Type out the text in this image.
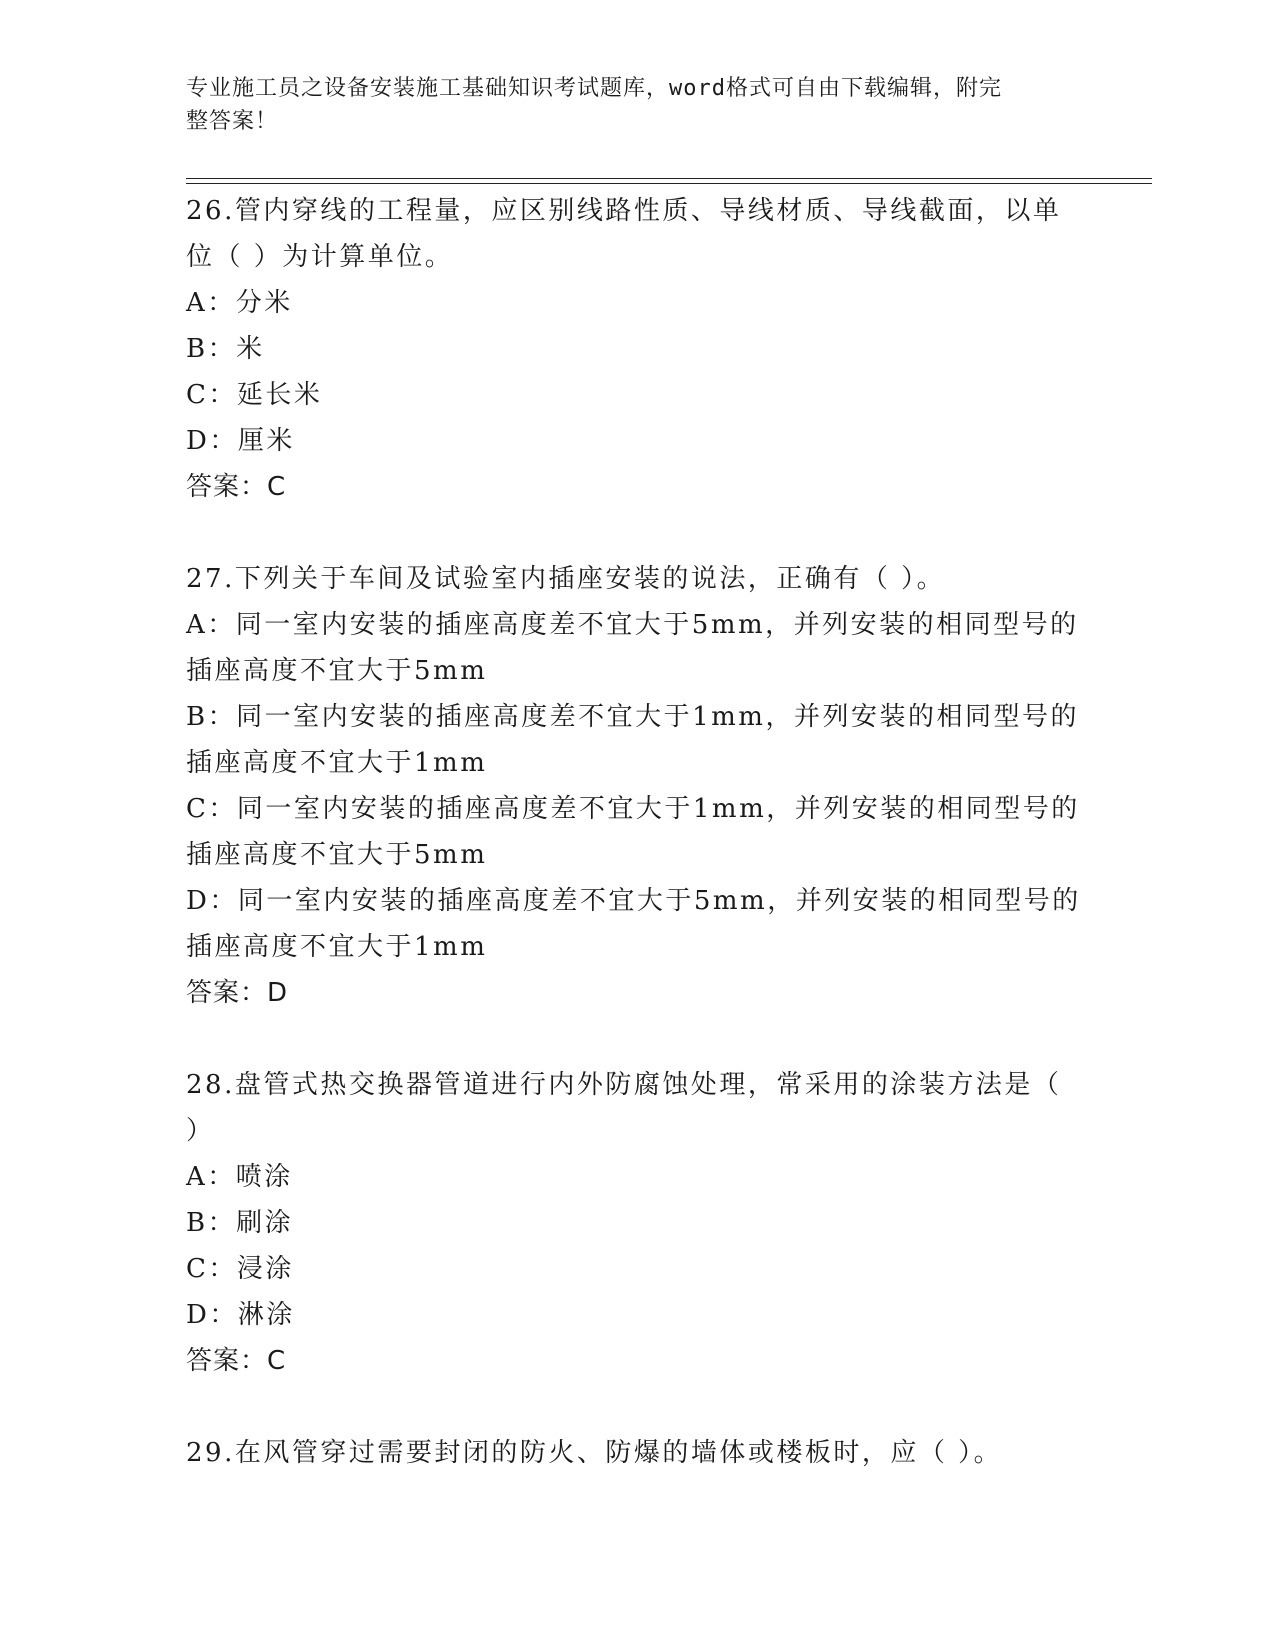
专业施工员之设备安装施工基础知识考试题库，word格式可自由下载编辑，附完
整答案！
26.管内穿线的工程量，应区别线路性质、导线材质、导线截面，以单
位（ ）为计算单位。
A：分米
B：米
C：延长米
D：厘米
答案：C
27.下列关于车间及试验室内插座安装的说法，正确有（ ）。
A：同一室内安装的插座高度差不宜大于5mm，并列安装的相同型号的
插座高度不宜大于5mm
B：同一室内安装的插座高度差不宜大于1mm，并列安装的相同型号的
插座高度不宜大于1mm
C：同一室内安装的插座高度差不宜大于1mm，并列安装的相同型号的
插座高度不宜大于5mm
D：同一室内安装的插座高度差不宜大于5mm，并列安装的相同型号的
插座高度不宜大于1mm
答案：D
28.盘管式热交换器管道进行内外防腐蚀处理，常采用的涂装方法是（
）
A：喷涂
B：刷涂
C：浸涂
D：淋涂
答案：C
29.在风管穿过需要封闭的防火、防爆的墙体或楼板时，应（ ）。
